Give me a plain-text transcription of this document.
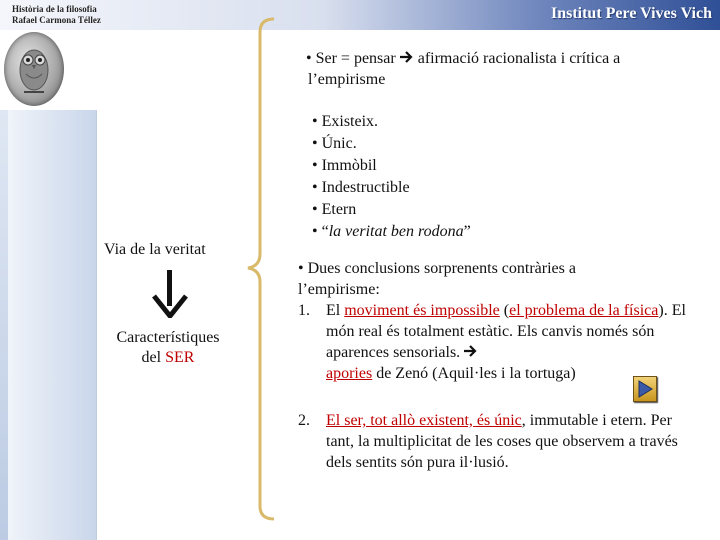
Història de la filosofia
Rafael Carmona Téllez	Institut Pere Vives Vich
Via de la veritat
Característiques
del SER
• Ser = pensar  afirmació racionalista i crítica a
l’empirisme
• Existeix.
• Únic.
• Immòbil
• Indestructible
• Etern
• “la veritat ben rodona”
• Dues conclusions sorprenents contràries a
l’empirisme:
1. El moviment és impossible (el problema de la física). El món real és totalment estàtic. Els canvis només són aparences sensorials.
apories de Zenó (Aquil·les i la tortuga)
2. El ser, tot allò existent, és únic, immutable i etern. Per tant, la multiplicitat de les coses que observem a través dels sentits són pura il·lusió.
